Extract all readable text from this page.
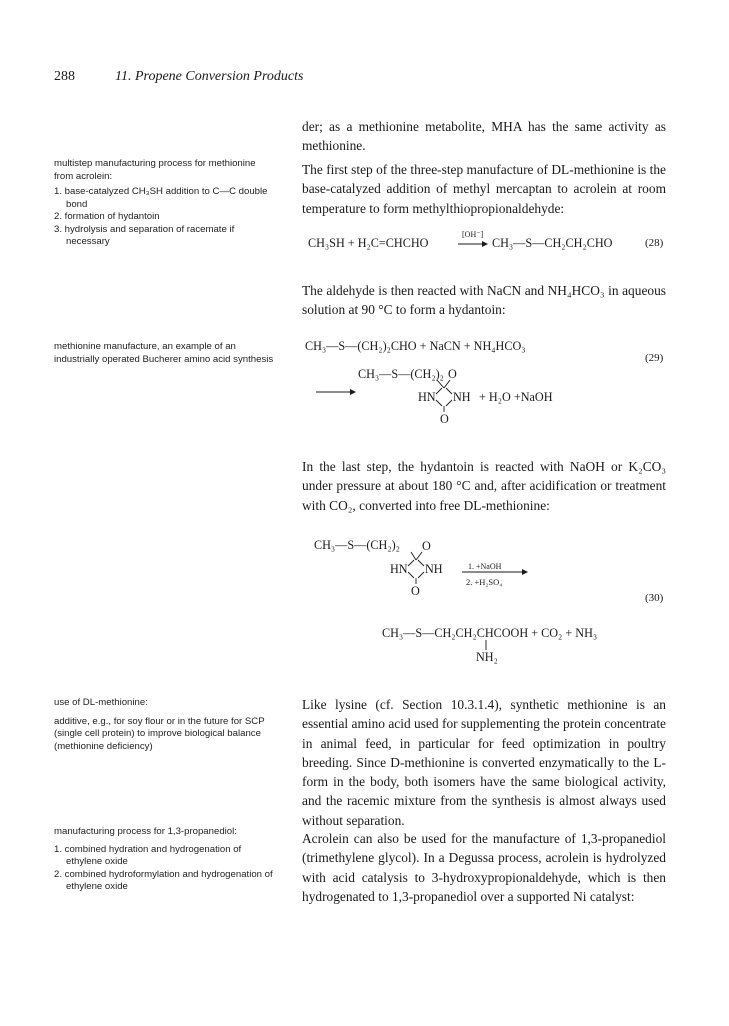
288	11. Propene Conversion Products

multistep manufacturing process for methionine from acrolein:

1. base-catalyzed CH₃SH addition to C—C double bond

2. formation of hydantoin

3. hydrolysis and separation of racemate if necessary

methionine manufacture, an example of an industrially operated Bucherer amino acid synthesis

use of DL-methionine:

additive, e.g., for soy flour or in the future for SCP (single cell protein) to improve biological balance (methionine deficiency)

manufacturing process for 1,3-propanediol:

1. combined hydration and hydrogenation of ethylene oxide

2. combined hydroformylation and hydrogenation of ethylene oxide

der; as a methionine metabolite, MHA has the same activity as methionine.

The first step of the three-step manufacture of DL-methionine is the base-catalyzed addition of methyl mercaptan to acrolein at room temperature to form methylthiopropionaldehyde:

The aldehyde is then reacted with NaCN and NH₄HCO₃ in aqueous solution at 90 °C to form a hydantoin:

In the last step, the hydantoin is reacted with NaOH or K₂CO₃ under pressure at about 180 °C and, after acidification or treatment with CO₂, converted into free DL-methionine:

Like lysine (cf. Section 10.3.1.4), synthetic methionine is an essential amino acid used for supplementing the protein concentrate in animal feed, in particular for feed optimization in poultry breeding. Since D-methionine is converted enzymatically to the L-form in the body, both isomers have the same biological activity, and the racemic mixture from the synthesis is almost always used without separation.

Acrolein can also be used for the manufacture of 1,3-propanediol (trimethylene glycol). In a Degussa process, acrolein is hydrolyzed with acid catalysis to 3-hydroxypropionaldehyde, which is then hydrogenated to 1,3-propanediol over a supported Ni catalyst:

CH₃SH + H₂C=CHCHO
[OH⁻]
→ CH₃—S—CH₂CH₂CHO	(28)
CH₃—S—(CH₂)₂CHO + NaCN + NH₄HCO₃
(29)
CH₃—S—(CH₂)₂ O
HN NH + H₂O +NaOH
O
CH₃—S—(CH₂)₂ O
HN NH
O
1. +NaOH
2. +H₂SO₄
(30)
CH₃—S—CH₂CH₂CHCOOH + CO₂ + NH₃
NH₂
